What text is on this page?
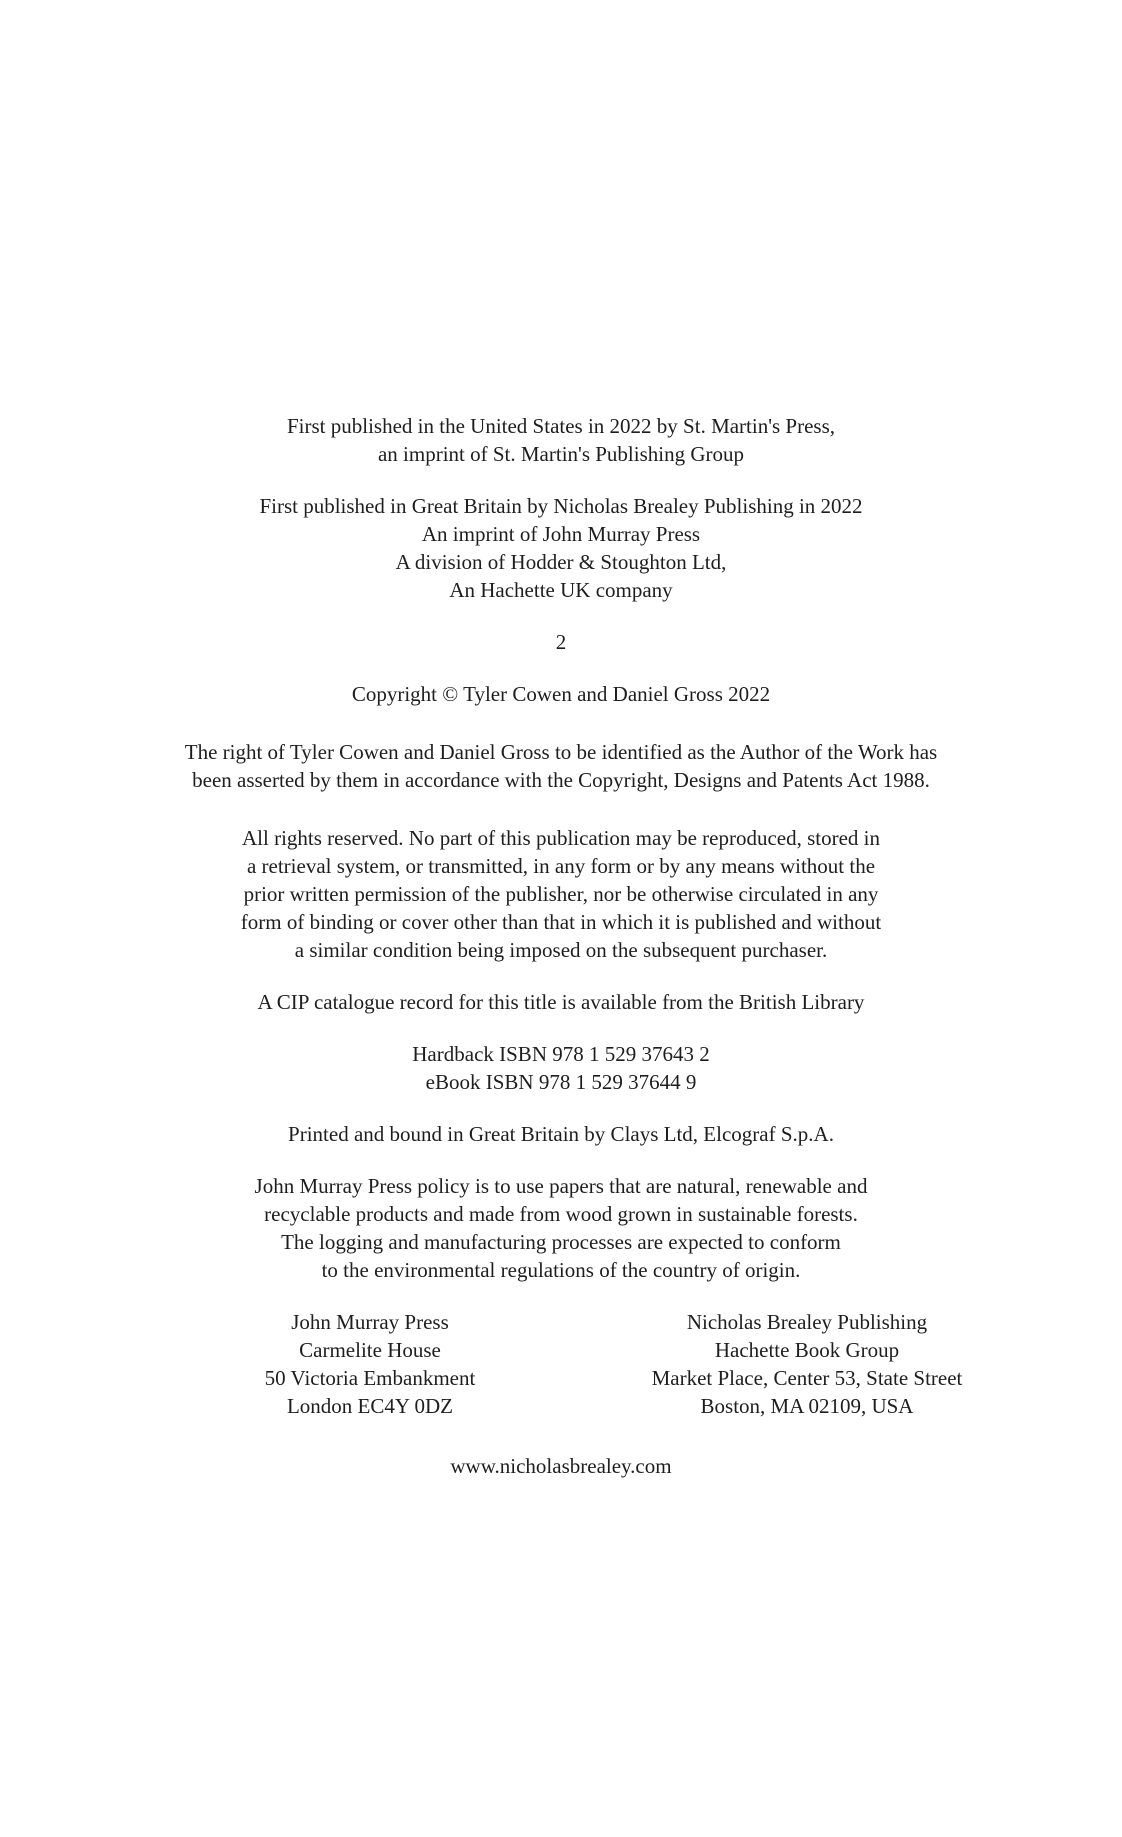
First published in the United States in 2022 by St. Martin's Press,
an imprint of St. Martin's Publishing Group
First published in Great Britain by Nicholas Brealey Publishing in 2022
An imprint of John Murray Press
A division of Hodder & Stoughton Ltd,
An Hachette UK company
2
Copyright © Tyler Cowen and Daniel Gross 2022
The right of Tyler Cowen and Daniel Gross to be identified as the Author of the Work has
been asserted by them in accordance with the Copyright, Designs and Patents Act 1988.
All rights reserved. No part of this publication may be reproduced, stored in
a retrieval system, or transmitted, in any form or by any means without the
prior written permission of the publisher, nor be otherwise circulated in any
form of binding or cover other than that in which it is published and without
a similar condition being imposed on the subsequent purchaser.
A CIP catalogue record for this title is available from the British Library
Hardback ISBN 978 1 529 37643 2
eBook ISBN 978 1 529 37644 9
Printed and bound in Great Britain by Clays Ltd, Elcograf S.p.A.
John Murray Press policy is to use papers that are natural, renewable and
recyclable products and made from wood grown in sustainable forests.
The logging and manufacturing processes are expected to conform
to the environmental regulations of the country of origin.
John Murray Press
Carmelite House
50 Victoria Embankment
London EC4Y 0DZ
Nicholas Brealey Publishing
Hachette Book Group
Market Place, Center 53, State Street
Boston, MA 02109, USA
www.nicholasbrealey.com
